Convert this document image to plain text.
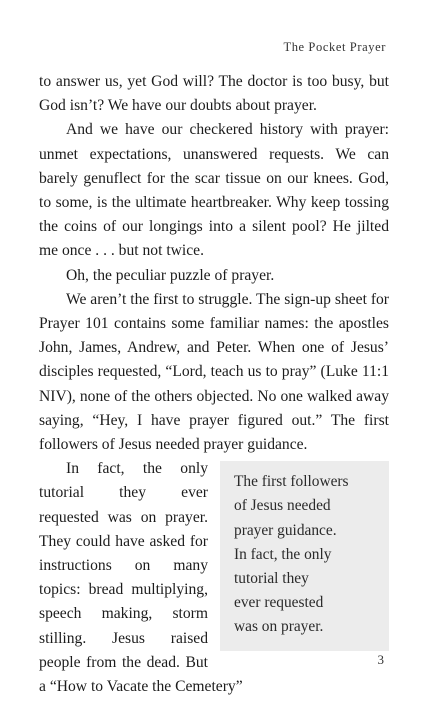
The Pocket Prayer

to answer us, yet God will? The doctor is too busy, but God isn’t? We have our doubts about prayer.

And we have our checkered history with prayer: unmet expectations, unanswered requests. We can barely genuflect for the scar tissue on our knees. God, to some, is the ultimate heartbreaker. Why keep tossing the coins of our longings into a silent pool? He jilted me once . . . but not twice.

Oh, the peculiar puzzle of prayer.

We aren’t the first to struggle. The sign-up sheet for Prayer 101 contains some familiar names: the apostles John, James, Andrew, and Peter. When one of Jesus’ disciples requested, “Lord, teach us to pray” (Luke 11:1 NIV), none of the others objected. No one walked away saying, “Hey, I have prayer figured out.” The first followers of Jesus needed prayer guidance.

The first followers
of Jesus needed
prayer guidance.
In fact, the only
tutorial they
ever requested
was on prayer.

In fact, the only tutorial they ever requested was on prayer. They could have asked for instructions on many topics: bread multiplying, speech making, storm stilling. Jesus raised people from the dead. But a “How to Vacate the Cemetery”

3
